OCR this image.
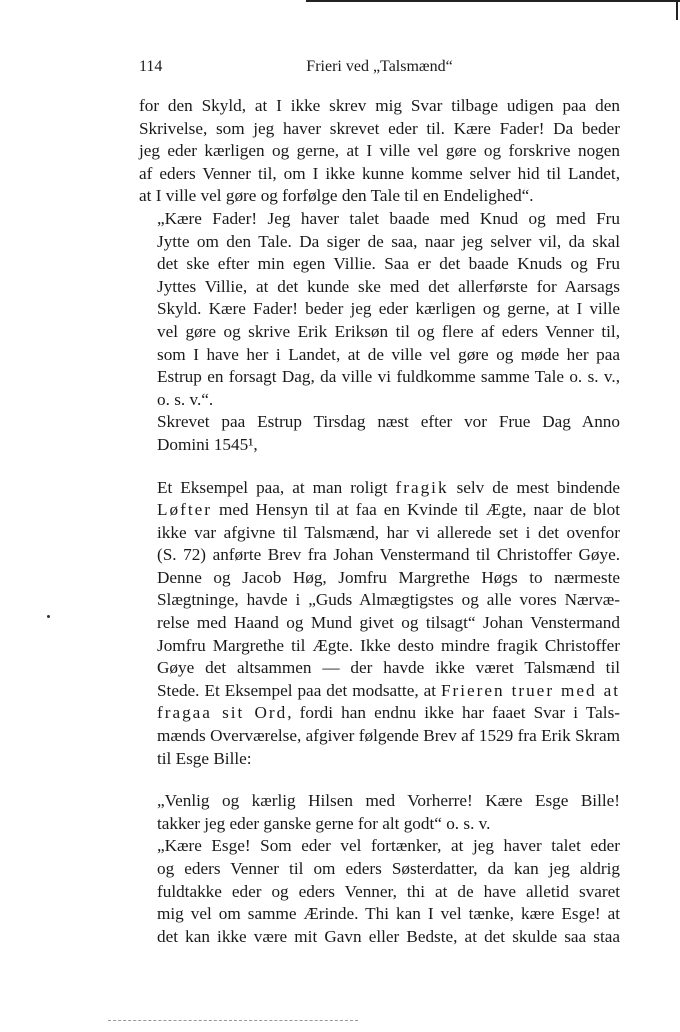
114	Frieri ved „Talsmænd“

for den Skyld, at I ikke skrev mig Svar tilbage udigen paa den
Skrivelse, som jeg haver skrevet eder til. Kære Fader! Da beder
jeg eder kærligen og gerne, at I ville vel gøre og forskrive nogen
af eders Venner til, om I ikke kunne komme selver hid til Landet,
at I ville vel gøre og forfølge den Tale til en Endelighed“.

„Kære Fader! Jeg haver talet baade med Knud og med Fru
Jytte om den Tale. Da siger de saa, naar jeg selver vil, da skal
det ske efter min egen Villie. Saa er det baade Knuds og Fru
Jyttes Villie, at det kunde ske med det allerførste for Aarsags
Skyld. Kære Fader! beder jeg eder kærligen og gerne, at I ville
vel gøre og skrive Erik Eriksøn til og flere af eders Venner til,
som I have her i Landet, at de ville vel gøre og møde her paa
Estrup en forsagt Dag, da ville vi fuldkomme samme Tale o. s. v.,
o. s. v.“.

Skrevet paa Estrup Tirsdag næst efter vor Frue Dag Anno
Domini 1545¹,

Et Eksempel paa, at man roligt fragik selv de mest bindende
Løfter med Hensyn til at faa en Kvinde til Ægte, naar de blot
ikke var afgivne til Talsmænd, har vi allerede set i det ovenfor
(S. 72) anførte Brev fra Johan Venstermand til Christoffer Gøye.
Denne og Jacob Høg, Jomfru Margrethe Høgs to nærmeste
Slægtninge, havde i „Guds Almægtigstes og alle vores Nærvæ-
relse med Haand og Mund givet og tilsagt“ Johan Venstermand
Jomfru Margrethe til Ægte. Ikke desto mindre fragik Christoffer
Gøye det altsammen — der havde ikke været Talsmænd til
Stede. Et Eksempel paa det modsatte, at Frieren truer med at
fragaa sit Ord, fordi han endnu ikke har faaet Svar i Tals-
mænds Overværelse, afgiver følgende Brev af 1529 fra Erik Skram
til Esge Bille:

„Venlig og kærlig Hilsen med Vorherre! Kære Esge Bille!
takker jeg eder ganske gerne for alt godt“ o. s. v.

„Kære Esge! Som eder vel fortænker, at jeg haver talet eder
og eders Venner til om eders Søsterdatter, da kan jeg aldrig
fuldtakke eder og eders Venner, thi at de have alletid svaret
mig vel om samme Ærinde. Thi kan I vel tænke, kære Esge! at
det kan ikke være mit Gavn eller Bedste, at det skulde saa staa
